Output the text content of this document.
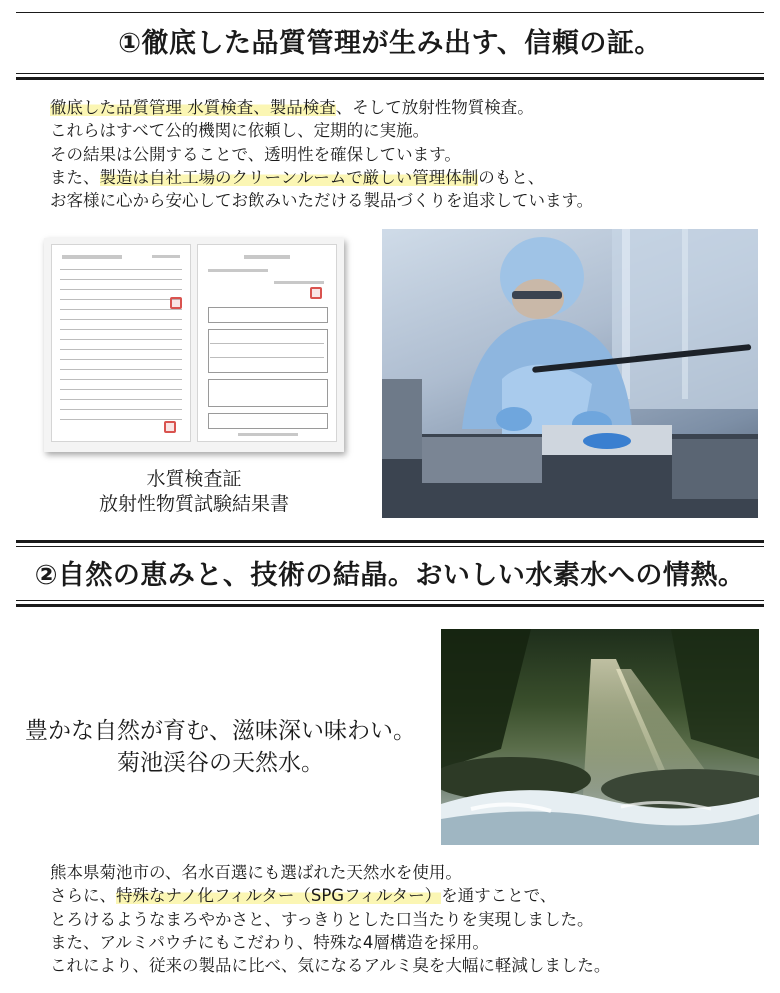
①徹底した品質管理が生み出す、信頼の証。
徹底した品質管理 水質検査、製品検査、そして放射性物質検査。
これらはすべて公的機関に依頼し、定期的に実施。
その結果は公開することで、透明性を確保しています。
また、製造は自社工場のクリーンルームで厳しい管理体制のもと、
お客様に心から安心してお飲みいただける製品づくりを追求しています。
水質検査証
放射性物質試験結果書
②自然の恵みと、技術の結晶。おいしい水素水への情熱。
豊かな自然が育む、滋味深い味わい。
菊池渓谷の天然水。
熊本県菊池市の、名水百選にも選ばれた天然水を使用。
さらに、特殊なナノ化フィルター（SPGフィルター）を通すことで、
とろけるようなまろやかさと、すっきりとした口当たりを実現しました。
また、アルミパウチにもこだわり、特殊な4層構造を採用。
これにより、従来の製品に比べ、気になるアルミ臭を大幅に軽減しました。
